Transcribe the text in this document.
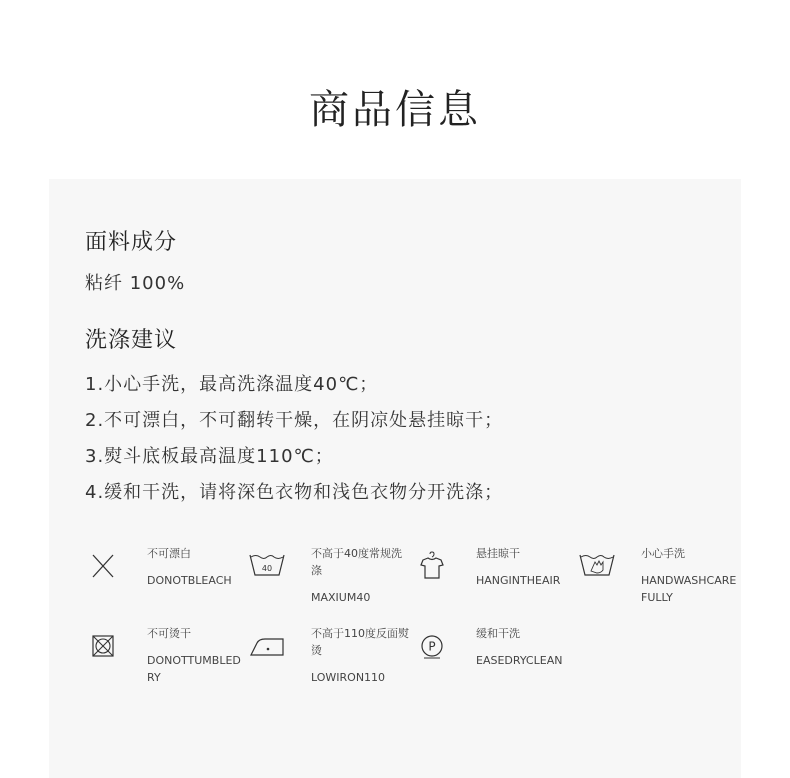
商品信息
面料成分
粘纤 100%
洗涤建议
1.小心手洗，最高洗涤温度40℃；
2.不可漂白，不可翻转干燥，在阴凉处悬挂晾干；
3.熨斗底板最高温度110℃；
4.缓和干洗，请将深色衣物和浅色衣物分开洗涤；
不可漂白
DONOTBLEACH
40
不高于40度常规洗涤
MAXIUM40
悬挂晾干
HANGINTHEAIR
小心手洗
HANDWASHCAREFULLY
不可烫干
DONOTTUMBLEDRY
不高于110度反面熨烫
LOWIRON110
P
缓和干洗
EASEDRYCLEAN
